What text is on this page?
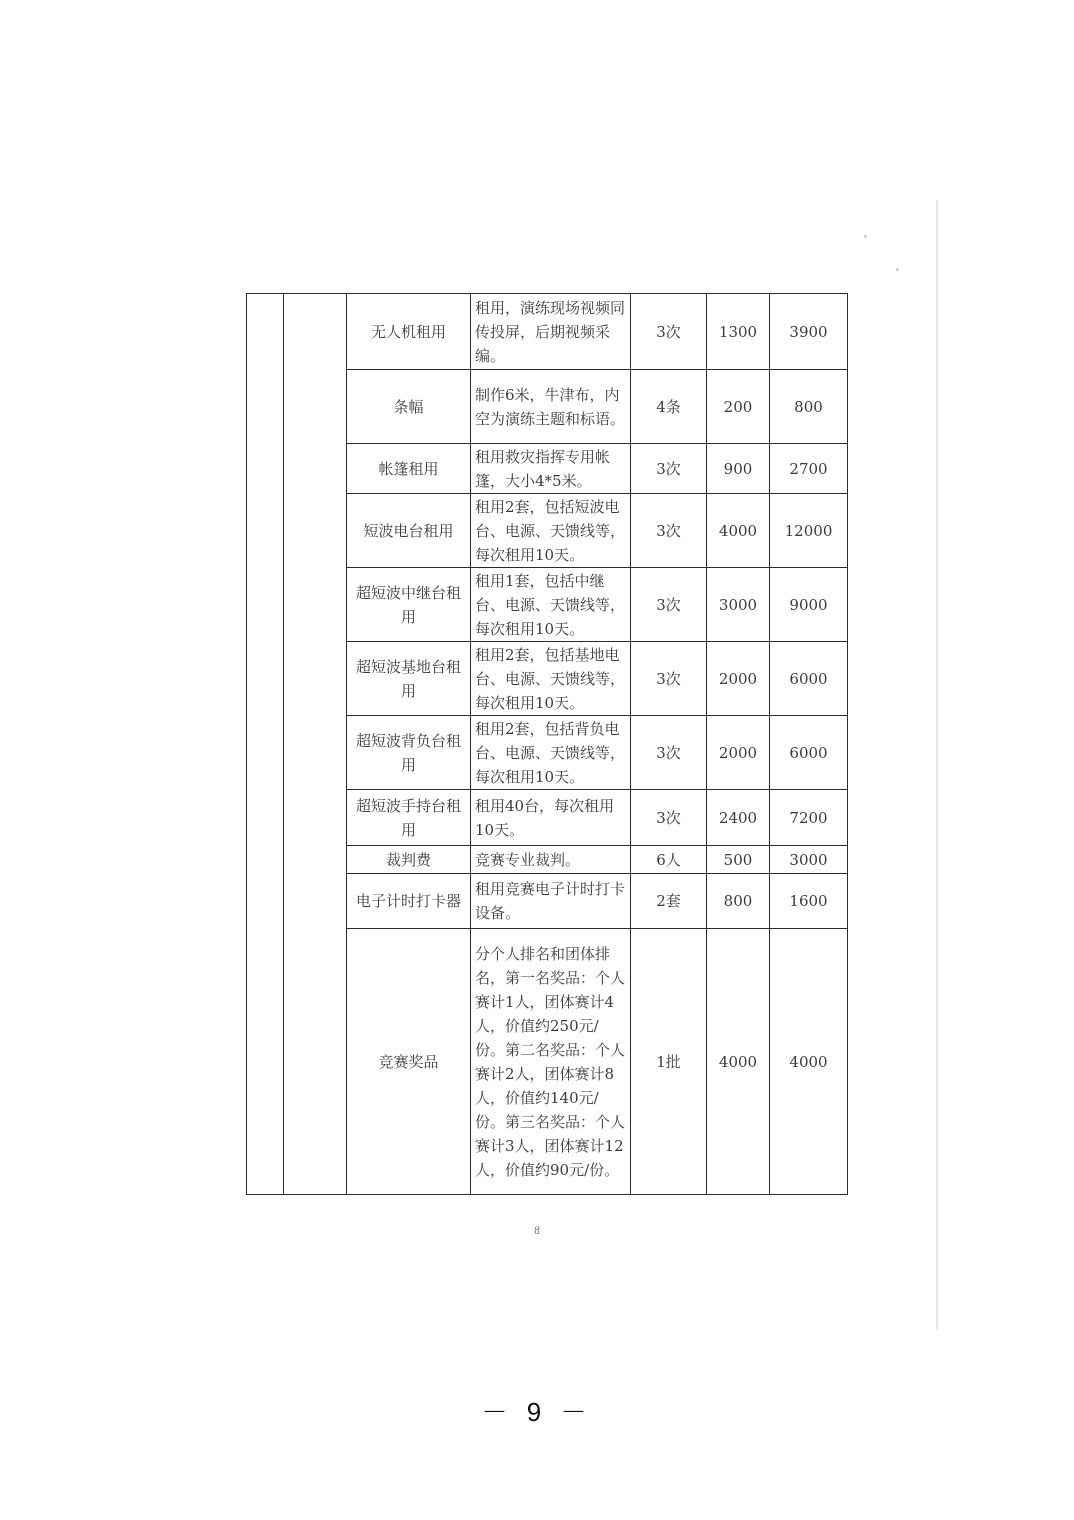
		无人机租用	租用，演练现场视频同传投屏，后期视频采编。	3次	1300	3900
		条幅	制作6米，牛津布，内空为演练主题和标语。	4条	200	800
		帐篷租用	租用救灾指挥专用帐篷，大小4*5米。	3次	900	2700
		短波电台租用	租用2套，包括短波电台、电源、天馈线等，每次租用10天。	3次	4000	12000
		超短波中继台租用	租用1套，包括中继台、电源、天馈线等，每次租用10天。	3次	3000	9000
		超短波基地台租用	租用2套，包括基地电台、电源、天馈线等，每次租用10天。	3次	2000	6000
		超短波背负台租用	租用2套，包括背负电台、电源、天馈线等，每次租用10天。	3次	2000	6000
		超短波手持台租用	租用40台，每次租用10天。	3次	2400	7200
		裁判费	竞赛专业裁判。	6人	500	3000
		电子计时打卡器	租用竞赛电子计时打卡设备。	2套	800	1600
		竞赛奖品	分个人排名和团体排名，第一名奖品：个人赛计1人，团体赛计4人，价值约250元/份。第二名奖品：个人赛计2人，团体赛计8人，价值约140元/份。第三名奖品：个人赛计3人，团体赛计12人，价值约90元/份。	1批	4000	4000
8
－ 9 －
